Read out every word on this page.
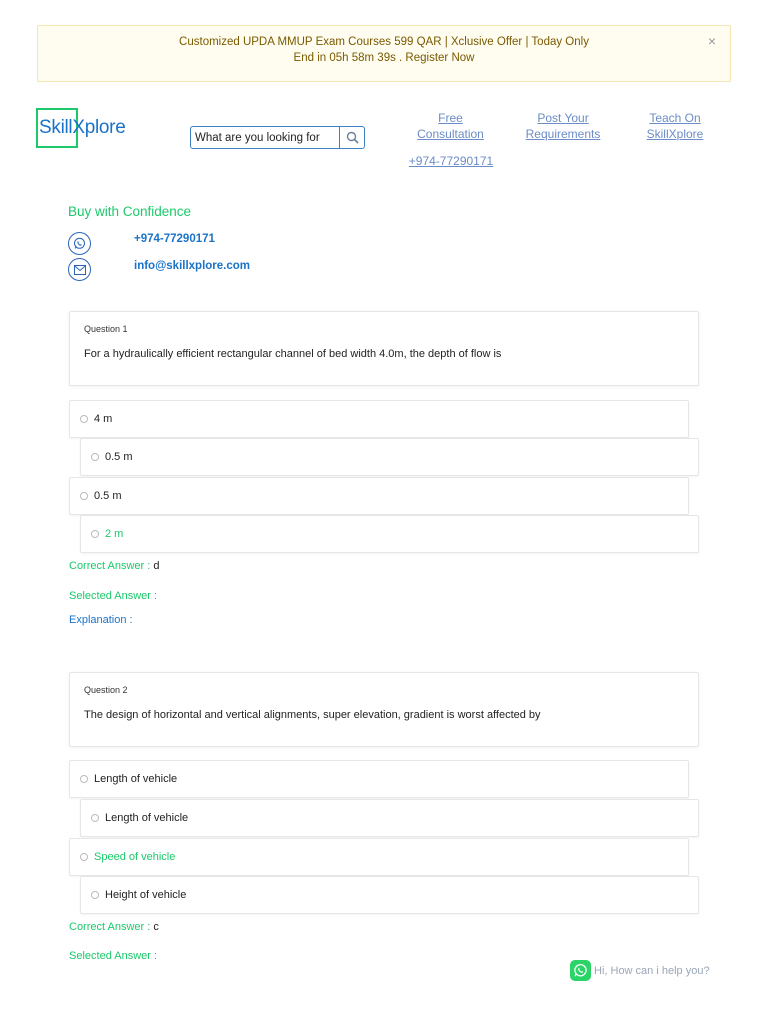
Customized UPDA MMUP Exam Courses 599 QAR | Xclusive Offer | Today Only
End in 05h 58m 39s . Register Now
×
SkillXplore
What are you looking for	Free
Consultation
Post Your
Requirements
Teach On
SkillXplore
+974-77290171
Buy with Confidence
+974-77290171
info@skillxplore.com
Question 1
For a hydraulically efficient rectangular channel of bed width 4.0m, the depth of flow is
4 m
0.5 m
0.5 m
2 m
Correct Answer : d
Selected Answer :
Explanation :
Question 2
The design of horizontal and vertical alignments, super elevation, gradient is worst affected by
Length of vehicle
Length of vehicle
Speed of vehicle
Height of vehicle
Correct Answer : c
Selected Answer :
Hi, How can i help you?
